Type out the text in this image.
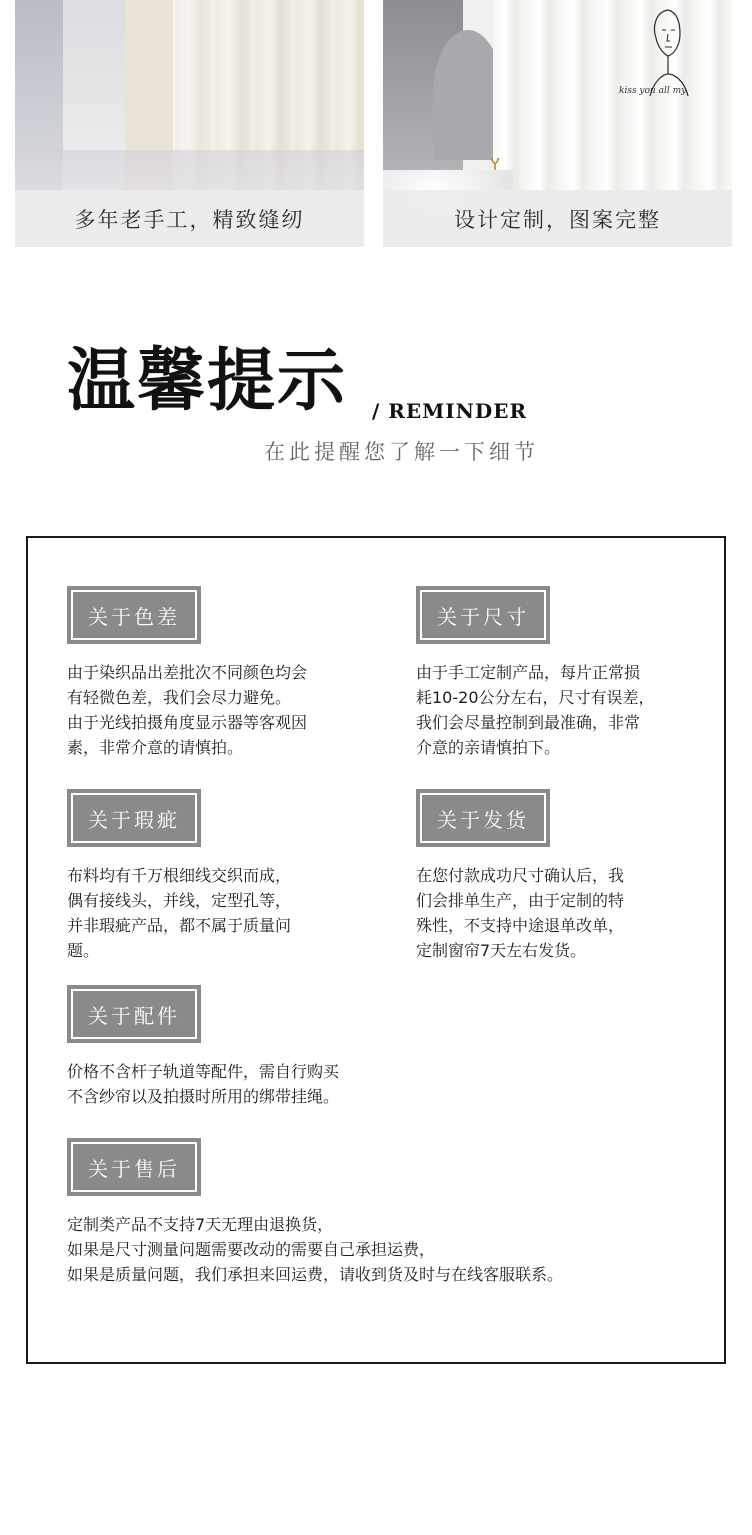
多年老手工，精致缝纫
kiss you all my
设计定制，图案完整
温馨提示 / REMINDER
在此提醒您了解一下细节
关于色差
由于染织品出差批次不同颜色均会
有轻微色差，我们会尽力避免。
由于光线拍摄角度显示器等客观因
素，非常介意的请慎拍。
关于尺寸
由于手工定制产品，每片正常损
耗10-20公分左右，尺寸有误差，
我们会尽量控制到最准确，非常
介意的亲请慎拍下。
关于瑕疵
布料均有千万根细线交织而成，
偶有接线头，并线，定型孔等，
并非瑕疵产品，都不属于质量问
题。
关于发货
在您付款成功尺寸确认后，我
们会排单生产，由于定制的特
殊性，不支持中途退单改单，
定制窗帘7天左右发货。
关于配件
价格不含杆子轨道等配件，需自行购买
不含纱帘以及拍摄时所用的绑带挂绳。
关于售后
定制类产品不支持7天无理由退换货，
如果是尺寸测量问题需要改动的需要自己承担运费，
如果是质量问题，我们承担来回运费，请收到货及时与在线客服联系。
